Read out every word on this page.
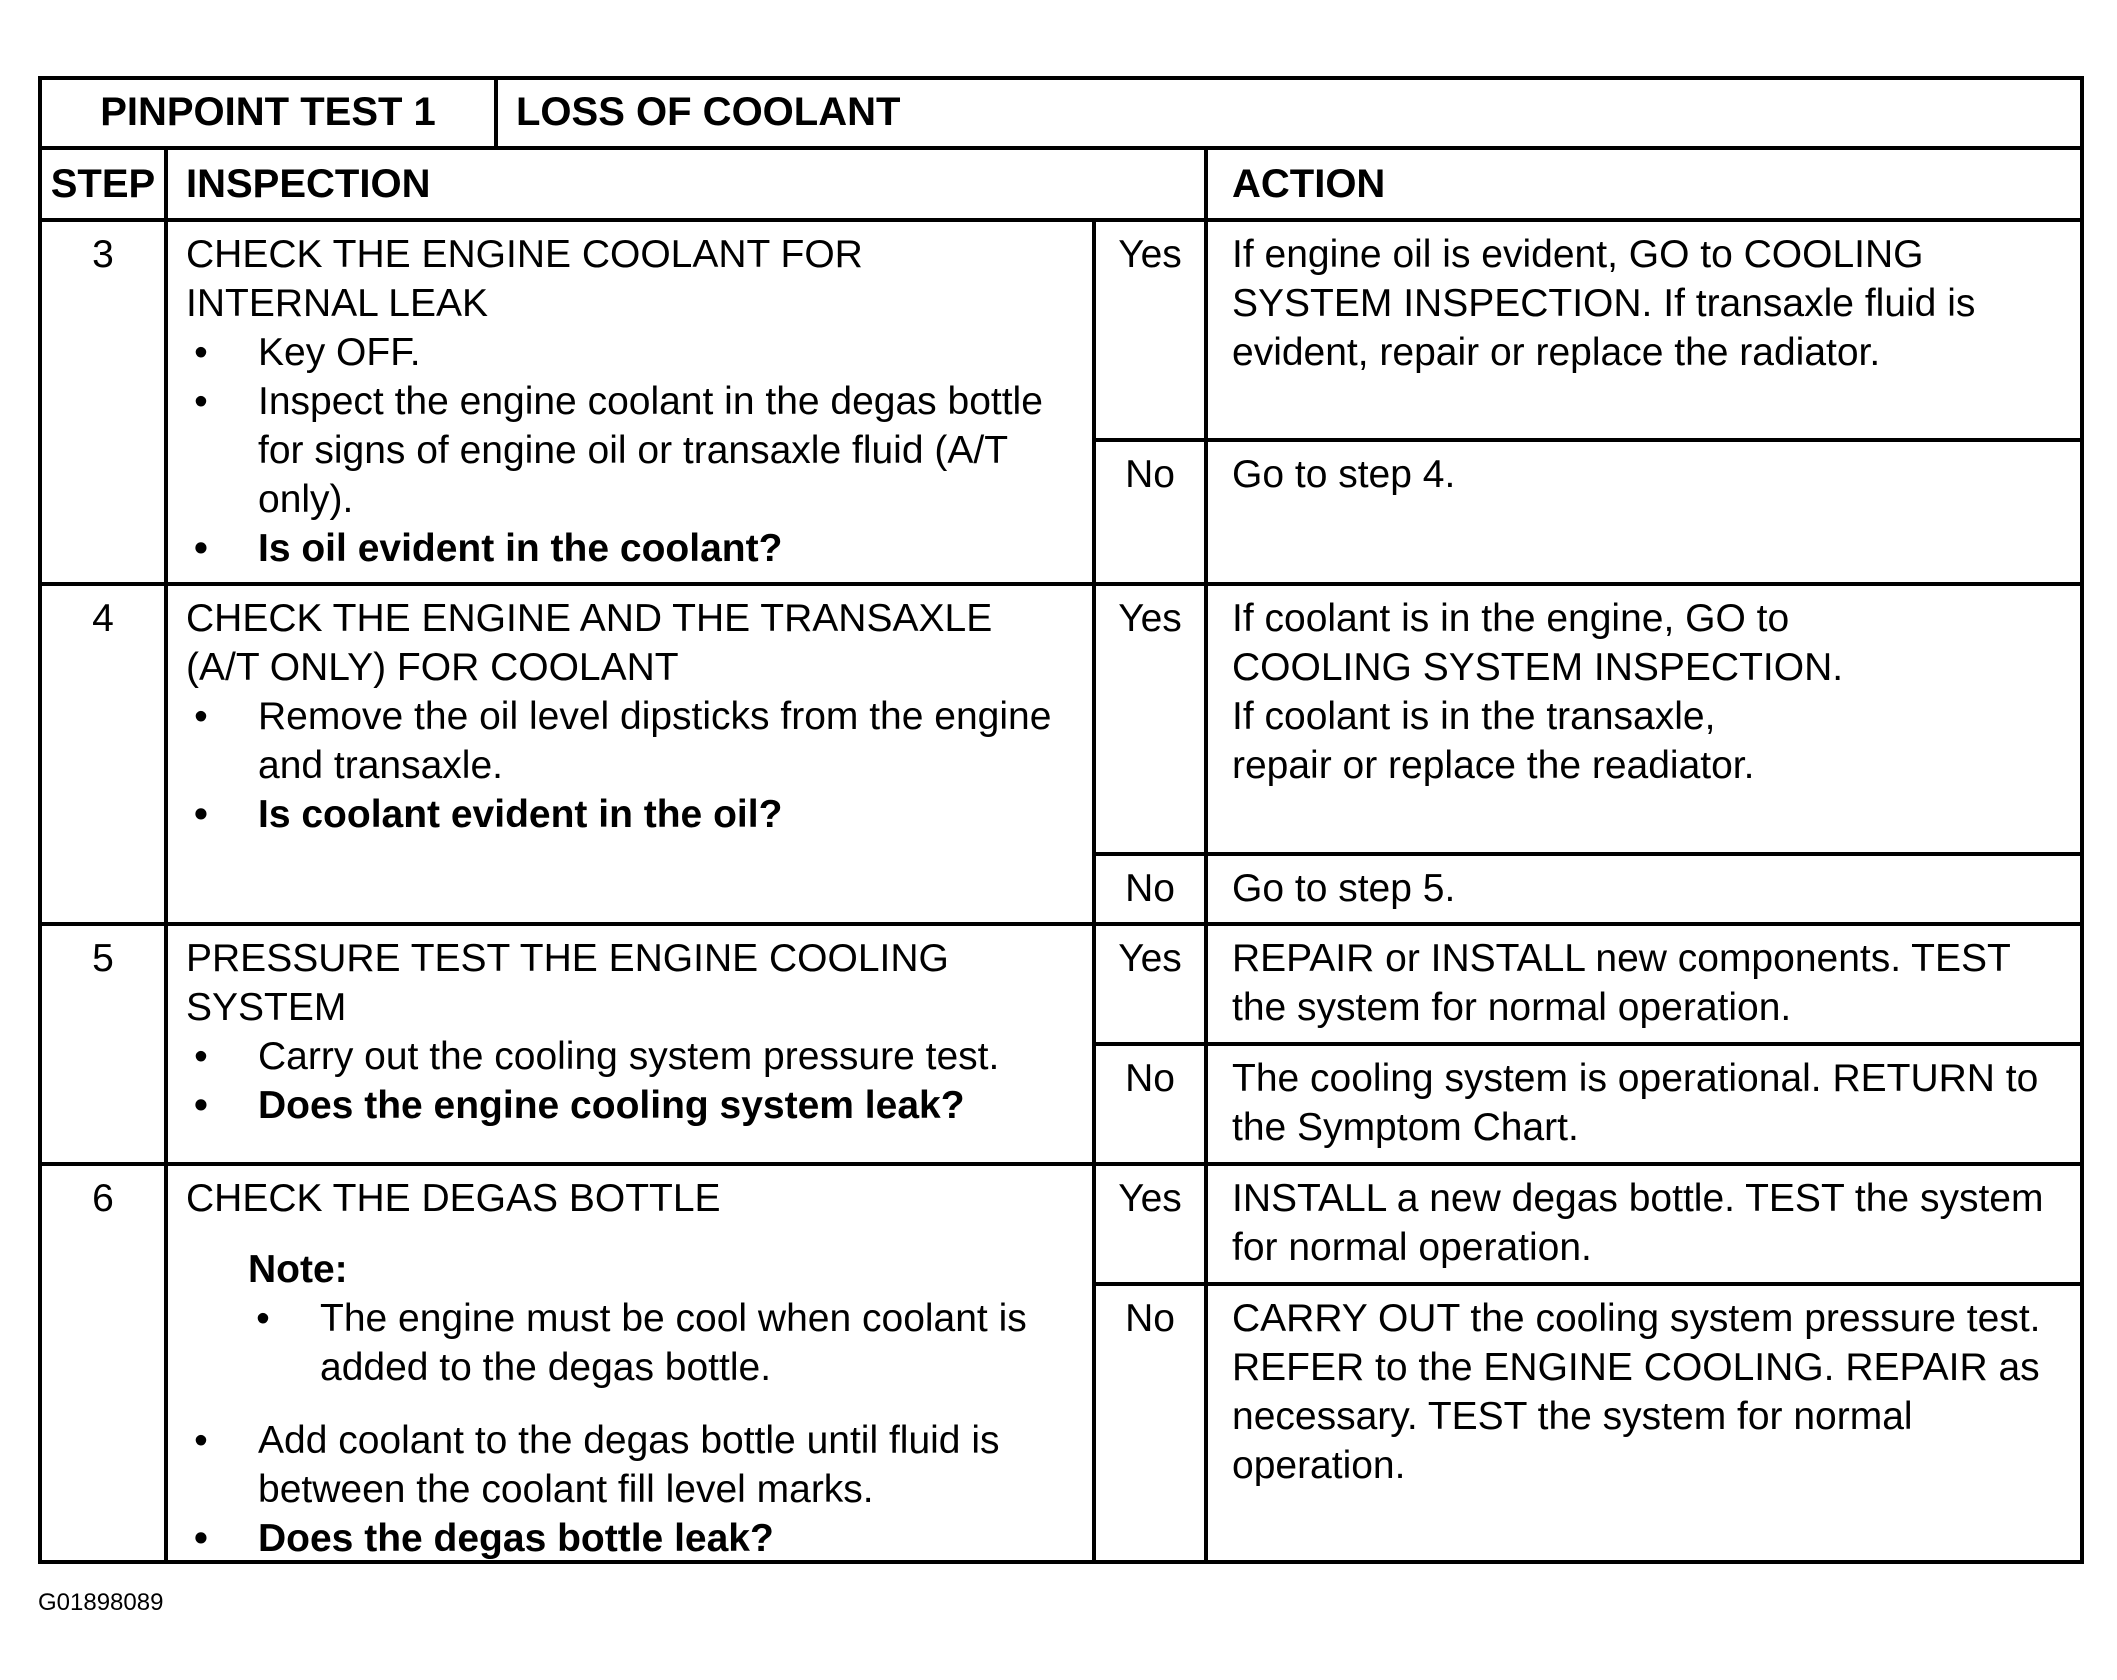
PINPOINT TEST 1	LOSS OF COOLANT
STEP INSPECTION	ACTION
3	CHECK THE ENGINE COOLANT FOR
INTERNAL LEAK
• Key OFF.
• Inspect the engine coolant in the degas bottle for signs of engine oil or transaxle fluid (A/T only).
• Is oil evident in the coolant?
Yes	If engine oil is evident, GO to COOLING SYSTEM INSPECTION. If transaxle fluid is evident, repair or replace the radiator.
No	Go to step 4.
4	CHECK THE ENGINE AND THE TRANSAXLE
(A/T ONLY) FOR COOLANT
• Remove the oil level dipsticks from the engine and transaxle.
• Is coolant evident in the oil?
Yes	If coolant is in the engine, GO to
COOLING SYSTEM INSPECTION.
If coolant is in the transaxle,
repair or replace the readiator.
No	Go to step 5.
5	PRESSURE TEST THE ENGINE COOLING
SYSTEM
• Carry out the cooling system pressure test.
• Does the engine cooling system leak?
Yes	REPAIR or INSTALL new components. TEST the system for normal operation.
No	The cooling system is operational. RETURN to the Symptom Chart.
6	CHECK THE DEGAS BOTTLE
Note:
• The engine must be cool when coolant is added to the degas bottle.
• Add coolant to the degas bottle until fluid is between the coolant fill level marks.
• Does the degas bottle leak?
Yes	INSTALL a new degas bottle. TEST the system for normal operation.
No	CARRY OUT the cooling system pressure test. REFER to the ENGINE COOLING. REPAIR as necessary. TEST the system for normal operation.
G01898089
